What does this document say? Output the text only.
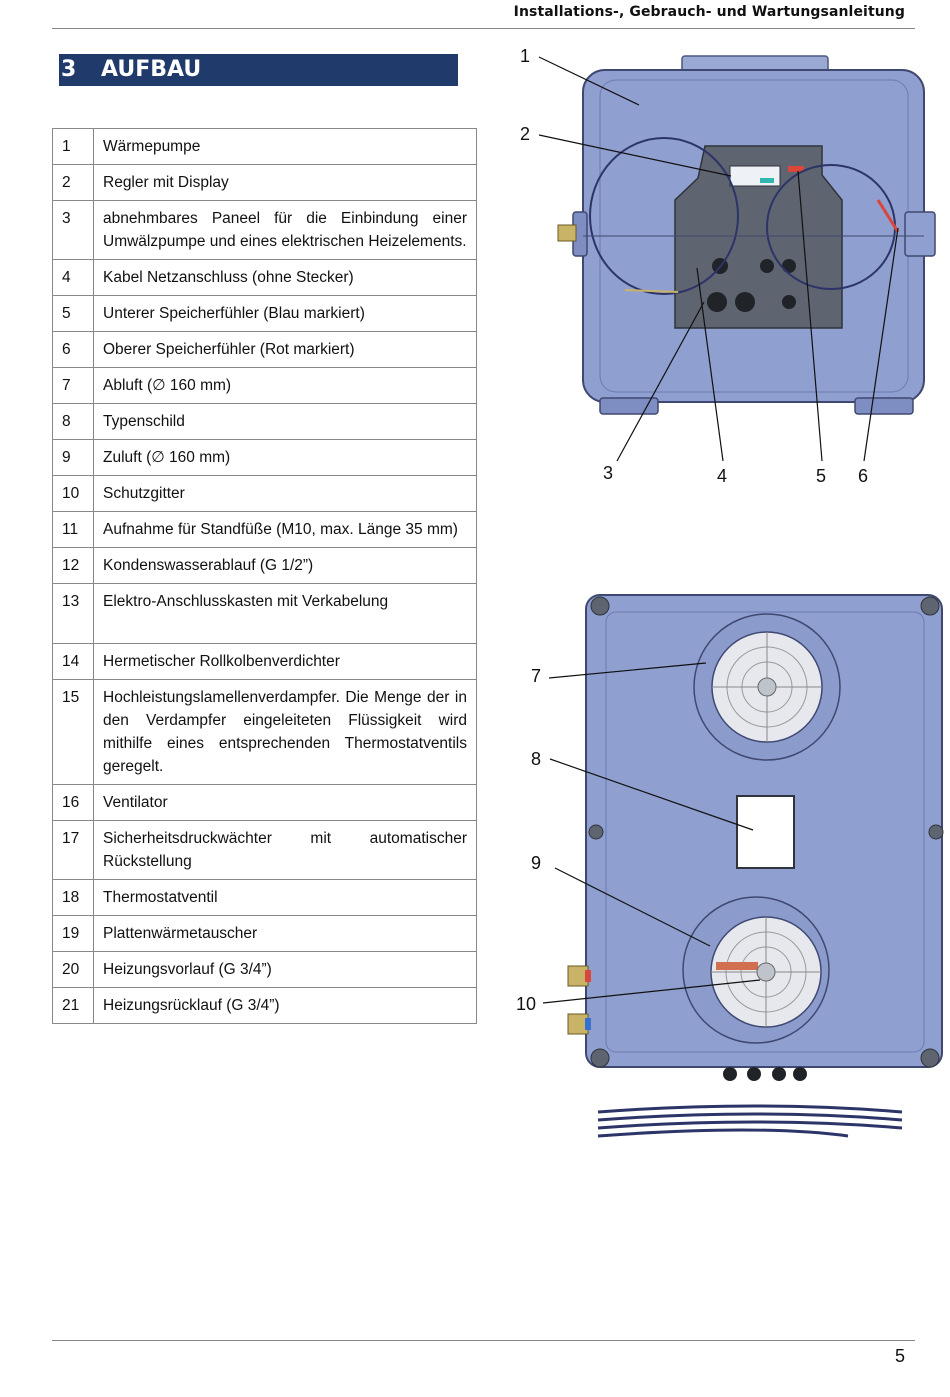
Installations-, Gebrauch- und Wartungsanleitung
3 AUFBAU
1	Wärmepumpe
2	Regler mit Display
3	abnehmbares Paneel für die Einbindung einer Umwälzpumpe und eines elektrischen Heizelements.
4	Kabel Netzanschluss (ohne Stecker)
5	Unterer Speicherfühler (Blau markiert)
6	Oberer Speicherfühler (Rot markiert)
7	Abluft (∅ 160 mm)
8	Typenschild
9	Zuluft (∅ 160 mm)
10	Schutzgitter
11	Aufnahme für Standfüße (M10, max. Länge 35 mm)
12	Kondenswasserablauf (G 1/2”)
13	Elektro-Anschlusskasten mit Verkabelung
14	Hermetischer Rollkolbenverdichter
15	Hochleistungslamellenverdampfer. Die Menge der in den Verdampfer eingeleiteten Flüssigkeit wird mithilfe eines entsprechenden Thermostatventils geregelt.
16	Ventilator
17	Sicherheitsdruckwächter mit automatischer Rückstellung
18	Thermostatventil
19	Plattenwärmetauscher
20	Heizungsvorlauf (G 3/4”)
21	Heizungsrücklauf (G 3/4”)
1
2
3	4	5 6
7
8
9
10
5
